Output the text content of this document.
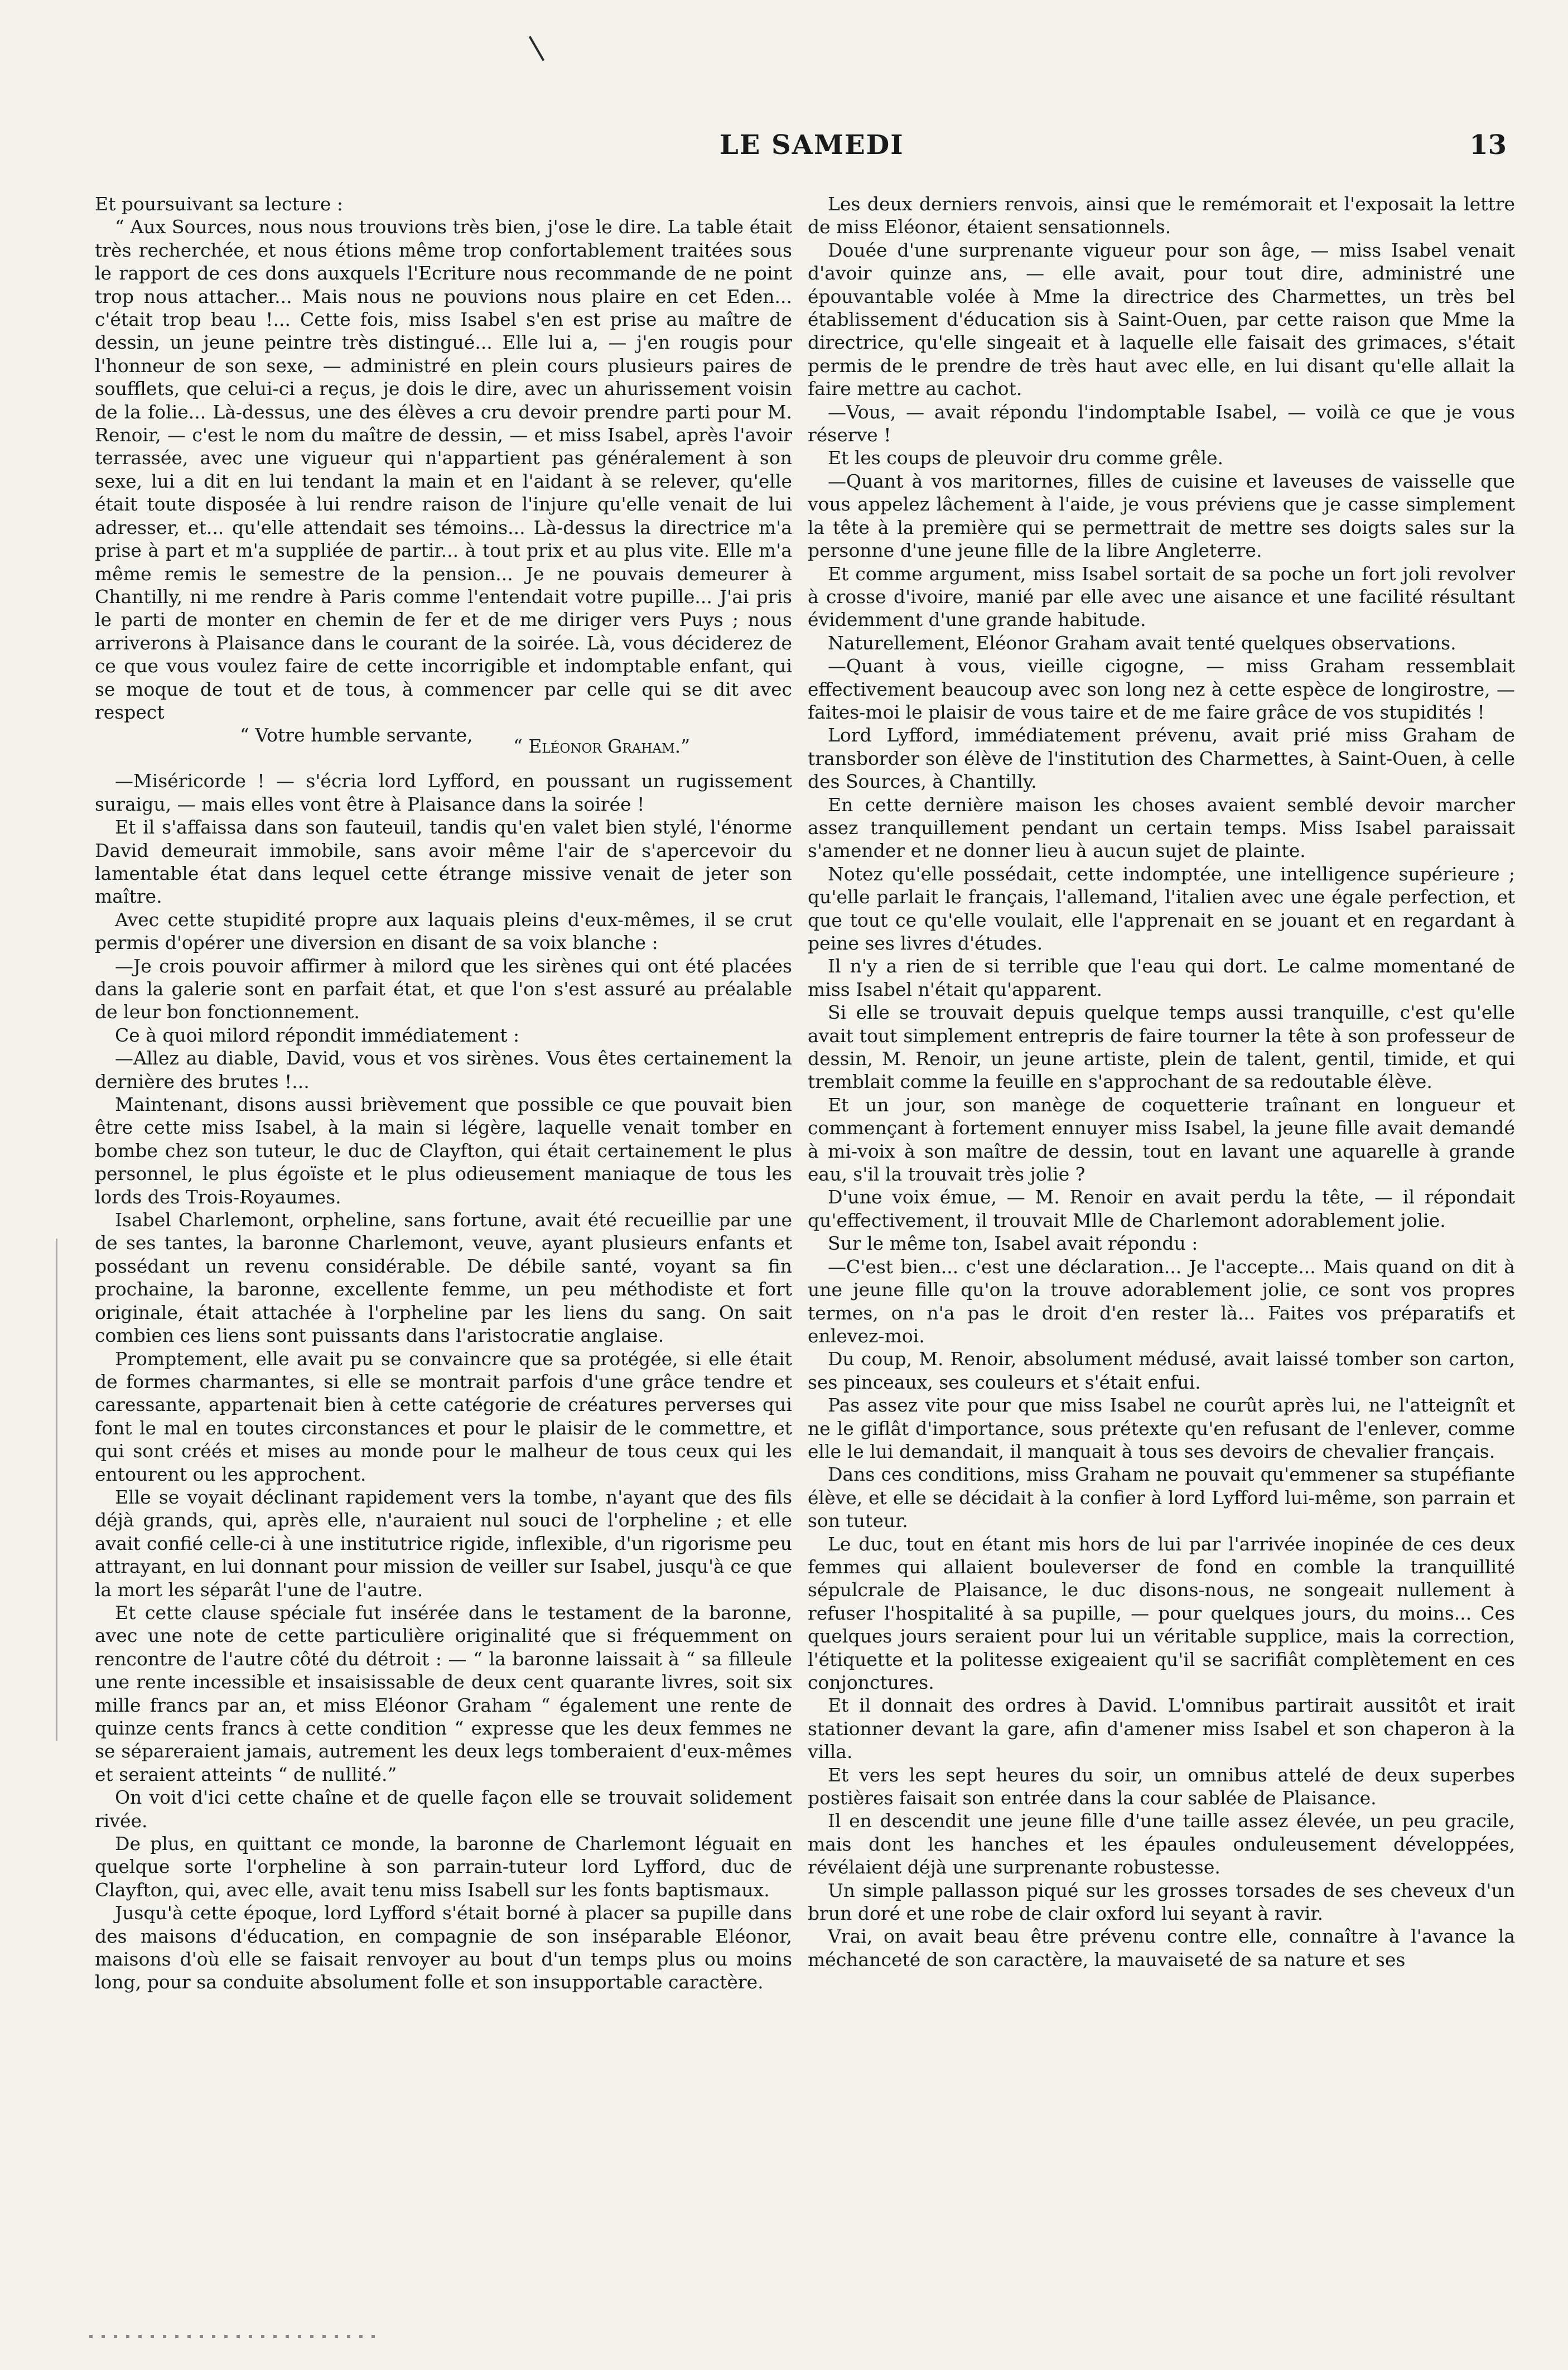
LE SAMEDI	13

Et poursuivant sa lecture :

“ Aux Sources, nous nous trouvions très bien, j'ose le dire. La table était très recherchée, et nous étions même trop confortablement traitées sous le rapport de ces dons auxquels l'Ecriture nous recommande de ne point trop nous attacher... Mais nous ne pouvions nous plaire en cet Eden... c'était trop beau !... Cette fois, miss Isabel s'en est prise au maître de dessin, un jeune peintre très distingué... Elle lui a, — j'en rougis pour l'honneur de son sexe, — administré en plein cours plusieurs paires de soufflets, que celui-ci a reçus, je dois le dire, avec un ahurissement voisin de la folie... Là-dessus, une des élèves a cru devoir prendre parti pour M. Renoir, — c'est le nom du maître de dessin, — et miss Isabel, après l'avoir terrassée, avec une vigueur qui n'appartient pas généralement à son sexe, lui a dit en lui tendant la main et en l'aidant à se relever, qu'elle était toute disposée à lui rendre raison de l'injure qu'elle venait de lui adresser, et... qu'elle attendait ses témoins... Là-dessus la directrice m'a prise à part et m'a suppliée de partir... à tout prix et au plus vite. Elle m'a même remis le semestre de la pension... Je ne pouvais demeurer à Chantilly, ni me rendre à Paris comme l'entendait votre pupille... J'ai pris le parti de monter en chemin de fer et de me diriger vers Puys ; nous arriverons à Plaisance dans le courant de la soirée. Là, vous déciderez de ce que vous voulez faire de cette incorrigible et indomptable enfant, qui se moque de tout et de tous, à commencer par celle qui se dit avec respect

“ Votre humble servante,
“ Eléonor Graham.”

—Miséricorde ! — s'écria lord Lyfford, en poussant un rugissement suraigu, — mais elles vont être à Plaisance dans la soirée !

Et il s'affaissa dans son fauteuil, tandis qu'en valet bien stylé, l'énorme David demeurait immobile, sans avoir même l'air de s'apercevoir du lamentable état dans lequel cette étrange missive venait de jeter son maître.

Avec cette stupidité propre aux laquais pleins d'eux-mêmes, il se crut permis d'opérer une diversion en disant de sa voix blanche :

—Je crois pouvoir affirmer à milord que les sirènes qui ont été placées dans la galerie sont en parfait état, et que l'on s'est assuré au préalable de leur bon fonctionnement.

Ce à quoi milord répondit immédiatement :

—Allez au diable, David, vous et vos sirènes. Vous êtes certainement la dernière des brutes !...

Maintenant, disons aussi brièvement que possible ce que pouvait bien être cette miss Isabel, à la main si légère, laquelle venait tomber en bombe chez son tuteur, le duc de Clayfton, qui était certainement le plus personnel, le plus égoïste et le plus odieusement maniaque de tous les lords des Trois-Royaumes.

Isabel Charlemont, orpheline, sans fortune, avait été recueillie par une de ses tantes, la baronne Charlemont, veuve, ayant plusieurs enfants et possédant un revenu considérable. De débile santé, voyant sa fin prochaine, la baronne, excellente femme, un peu méthodiste et fort originale, était attachée à l'orpheline par les liens du sang. On sait combien ces liens sont puissants dans l'aristocratie anglaise.

Promptement, elle avait pu se convaincre que sa protégée, si elle était de formes charmantes, si elle se montrait parfois d'une grâce tendre et caressante, appartenait bien à cette catégorie de créatures perverses qui font le mal en toutes circonstances et pour le plaisir de le commettre, et qui sont créés et mises au monde pour le malheur de tous ceux qui les entourent ou les approchent.

Elle se voyait déclinant rapidement vers la tombe, n'ayant que des fils déjà grands, qui, après elle, n'auraient nul souci de l'orpheline ; et elle avait confié celle-ci à une institutrice rigide, inflexible, d'un rigorisme peu attrayant, en lui donnant pour mission de veiller sur Isabel, jusqu'à ce que la mort les séparât l'une de l'autre.

Et cette clause spéciale fut insérée dans le testament de la baronne, avec une note de cette particulière originalité que si fréquemment on rencontre de l'autre côté du détroit : — “ la baronne laissait à “ sa filleule une rente incessible et insaisissable de deux cent quarante livres, soit six mille francs par an, et miss Eléonor Graham “ également une rente de quinze cents francs à cette condition “ expresse que les deux femmes ne se sépareraient jamais, autrement les deux legs tomberaient d'eux-mêmes et seraient atteints “ de nullité.”

On voit d'ici cette chaîne et de quelle façon elle se trouvait solidement rivée.

De plus, en quittant ce monde, la baronne de Charlemont léguait en quelque sorte l'orpheline à son parrain-tuteur lord Lyfford, duc de Clayfton, qui, avec elle, avait tenu miss Isabell sur les fonts baptismaux.

Jusqu'à cette époque, lord Lyfford s'était borné à placer sa pupille dans des maisons d'éducation, en compagnie de son inséparable Eléonor, maisons d'où elle se faisait renvoyer au bout d'un temps plus ou moins long, pour sa conduite absolument folle et son insupportable caractère.

Les deux derniers renvois, ainsi que le remémorait et l'exposait la lettre de miss Eléonor, étaient sensationnels.

Douée d'une surprenante vigueur pour son âge, — miss Isabel venait d'avoir quinze ans, — elle avait, pour tout dire, administré une épouvantable volée à Mme la directrice des Charmettes, un très bel établissement d'éducation sis à Saint-Ouen, par cette raison que Mme la directrice, qu'elle singeait et à laquelle elle faisait des grimaces, s'était permis de le prendre de très haut avec elle, en lui disant qu'elle allait la faire mettre au cachot.

—Vous, — avait répondu l'indomptable Isabel, — voilà ce que je vous réserve !

Et les coups de pleuvoir dru comme grêle.

—Quant à vos maritornes, filles de cuisine et laveuses de vaisselle que vous appelez lâchement à l'aide, je vous préviens que je casse simplement la tête à la première qui se permettrait de mettre ses doigts sales sur la personne d'une jeune fille de la libre Angleterre.

Et comme argument, miss Isabel sortait de sa poche un fort joli revolver à crosse d'ivoire, manié par elle avec une aisance et une facilité résultant évidemment d'une grande habitude.

Naturellement, Eléonor Graham avait tenté quelques observations.

—Quant à vous, vieille cigogne, — miss Graham ressemblait effectivement beaucoup avec son long nez à cette espèce de longirostre, — faites-moi le plaisir de vous taire et de me faire grâce de vos stupidités !

Lord Lyfford, immédiatement prévenu, avait prié miss Graham de transborder son élève de l'institution des Charmettes, à Saint-Ouen, à celle des Sources, à Chantilly.

En cette dernière maison les choses avaient semblé devoir marcher assez tranquillement pendant un certain temps. Miss Isabel paraissait s'amender et ne donner lieu à aucun sujet de plainte.

Notez qu'elle possédait, cette indomptée, une intelligence supérieure ; qu'elle parlait le français, l'allemand, l'italien avec une égale perfection, et que tout ce qu'elle voulait, elle l'apprenait en se jouant et en regardant à peine ses livres d'études.

Il n'y a rien de si terrible que l'eau qui dort. Le calme momentané de miss Isabel n'était qu'apparent.

Si elle se trouvait depuis quelque temps aussi tranquille, c'est qu'elle avait tout simplement entrepris de faire tourner la tête à son professeur de dessin, M. Renoir, un jeune artiste, plein de talent, gentil, timide, et qui tremblait comme la feuille en s'approchant de sa redoutable élève.

Et un jour, son manège de coquetterie traînant en longueur et commençant à fortement ennuyer miss Isabel, la jeune fille avait demandé à mi-voix à son maître de dessin, tout en lavant une aquarelle à grande eau, s'il la trouvait très jolie ?

D'une voix émue, — M. Renoir en avait perdu la tête, — il répondait qu'effectivement, il trouvait Mlle de Charlemont adorablement jolie.

Sur le même ton, Isabel avait répondu :

—C'est bien... c'est une déclaration... Je l'accepte... Mais quand on dit à une jeune fille qu'on la trouve adorablement jolie, ce sont vos propres termes, on n'a pas le droit d'en rester là... Faites vos préparatifs et enlevez-moi.

Du coup, M. Renoir, absolument médusé, avait laissé tomber son carton, ses pinceaux, ses couleurs et s'était enfui.

Pas assez vite pour que miss Isabel ne courût après lui, ne l'atteignît et ne le giflât d'importance, sous prétexte qu'en refusant de l'enlever, comme elle le lui demandait, il manquait à tous ses devoirs de chevalier français.

Dans ces conditions, miss Graham ne pouvait qu'emmener sa stupéfiante élève, et elle se décidait à la confier à lord Lyfford lui-même, son parrain et son tuteur.

Le duc, tout en étant mis hors de lui par l'arrivée inopinée de ces deux femmes qui allaient bouleverser de fond en comble la tranquillité sépulcrale de Plaisance, le duc disons-nous, ne songeait nullement à refuser l'hospitalité à sa pupille, — pour quelques jours, du moins... Ces quelques jours seraient pour lui un véritable supplice, mais la correction, l'étiquette et la politesse exigeaient qu'il se sacrifiât complètement en ces conjonctures.

Et il donnait des ordres à David. L'omnibus partirait aussitôt et irait stationner devant la gare, afin d'amener miss Isabel et son chaperon à la villa.

Et vers les sept heures du soir, un omnibus attelé de deux superbes postières faisait son entrée dans la cour sablée de Plaisance.

Il en descendit une jeune fille d'une taille assez élevée, un peu gracile, mais dont les hanches et les épaules onduleusement développées, révélaient déjà une surprenante robustesse.

Un simple pallasson piqué sur les grosses torsades de ses cheveux d'un brun doré et une robe de clair oxford lui seyant à ravir.

Vrai, on avait beau être prévenu contre elle, connaître à l'avance la méchanceté de son caractère, la mauvaiseté de sa nature et ses
